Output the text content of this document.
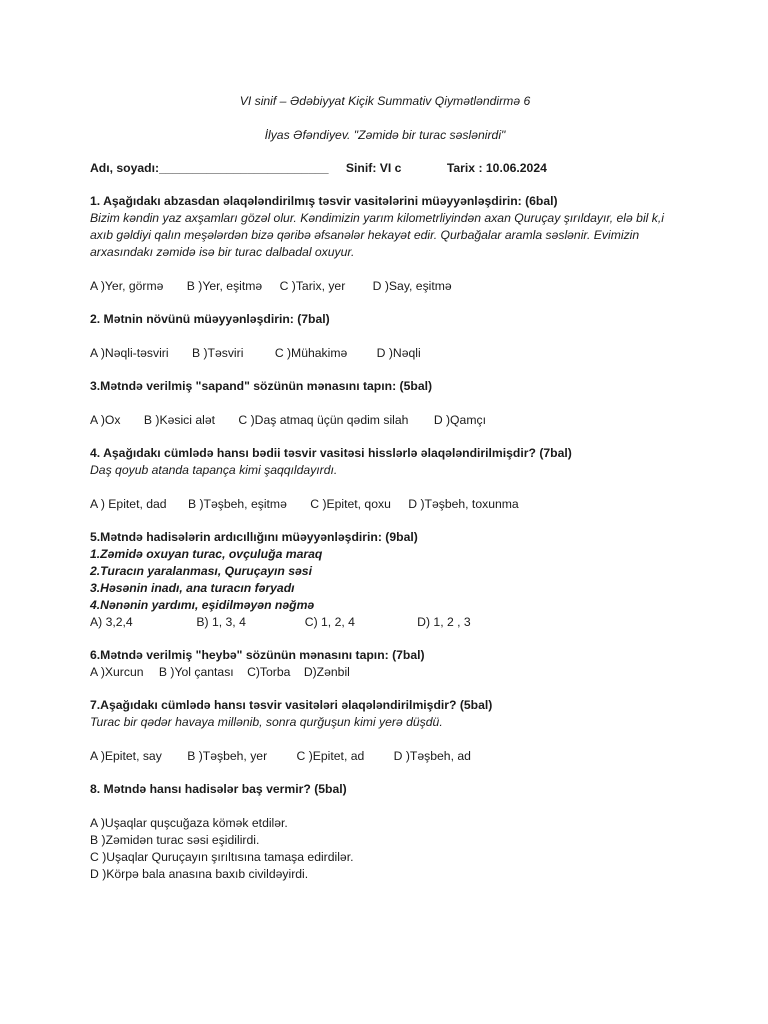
VI sinif – Ədəbiyyat Kiçik Summativ Qiymətləndirmə 6
İlyas Əfəndiyev. "Zəmidə bir turac səslənirdi"
Adı, soyadı:_________________________ Sinif: VI c	Tarix : 10.06.2024
1. Aşağıdakı abzasdan əlaqələndirilmış təsvir vasitələrini müəyyənləşdirin: (6bal)
Bizim kəndin yaz axşamları gözəl olur. Kəndimizin yarım kilometrliyindən axan Quruçay şırıldayır, elə bil k,i axıb gəldiyi qalın meşələrdən bizə qəribə əfsanələr hekayət edir. Qurbağalar aramla səslənir. Evimizin arxasındakı zəmidə isə bir turac dalbadal oxuyur.
A )Yer, görmə B )Yer, eşitmə C )Tarix, yer D )Say, eşitmə
2. Mətnin növünü müəyyənləşdirin: (7bal)
A )Nəqli-təsviri B )Təsviri	C )Mühakimə D )Nəqli
3.Mətndə verilmiş "sapand" sözünün mənasını tapın: (5bal)
A )Ox B )Kəsici alət C )Daş atmaq üçün qədim silah D )Qamçı
4. Aşağıdakı cümlədə hansı bədii təsvir vasitəsi hisslərlə əlaqələndirilmişdir? (7bal)
Daş qoyub atanda tapança kimi şaqqıldayırdı.
A ) Epitet, dad B )Təşbeh, eşitmə C )Epitet, qoxu D )Təşbeh, toxunma
5.Mətndə hadisələrin ardıcıllığını müəyyənləşdirin: (9bal)
1.Zəmidə oxuyan turac, ovçuluğa maraq
2.Turacın yaralanması, Quruçayın səsi
3.Həsənin inadı, ana turacın fəryadı
4.Nənənin yardımı, eşidilməyən nəğmə
A) 3,2,4	B) 1, 3, 4	C) 1, 2, 4	D) 1, 2 , 3
6.Mətndə verilmiş "heybə" sözünün mənasını tapın: (7bal)
A )Xurcun B )Yol çantası C)Torba D)Zənbil
7.Aşağıdakı cümlədə hansı təsvir vasitələri əlaqələndirilmişdir? (5bal)
Turac bir qədər havaya millənib, sonra qurğuşun kimi yerə düşdü.
A )Epitet, say B )Təşbeh, yer C )Epitet, ad D )Təşbeh, ad
8. Mətndə hansı hadisələr baş vermir? (5bal)
A )Uşaqlar quşcuğaza kömək etdilər.
B )Zəmidən turac səsi eşidilirdi.
C )Uşaqlar Quruçayın şırıltısına tamaşa edirdilər.
D )Körpə bala anasına baxıb civildəyirdi.
